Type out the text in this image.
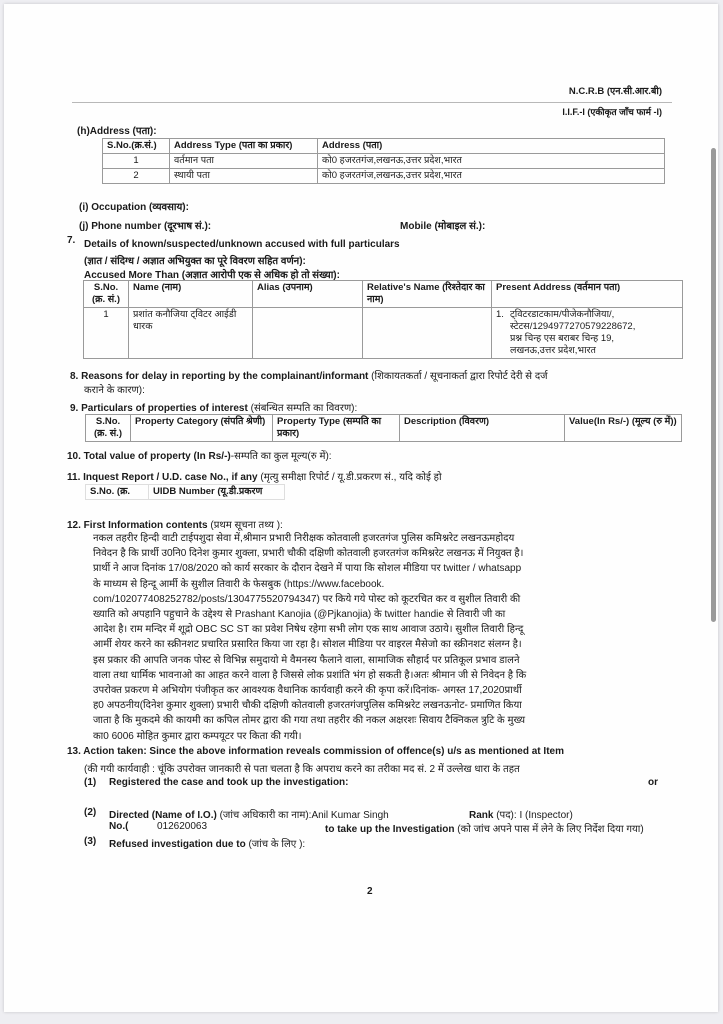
N.C.R.B (एन.सी.आर.बी)
I.I.F.-I (एकीकृत जाँच फार्म -I)
(h)Address (पता):
S.No.(क्र.सं.)	Address Type (पता का प्रकार)	Address (पता)
1	वर्तमान पता	को0 हजरतगंज,लखनऊ,उत्तर प्रदेश,भारत
2	स्थायी पता	को0 हजरतगंज,लखनऊ,उत्तर प्रदेश,भारत
(i) Occupation (व्यवसाय):
(j) Phone number (दूरभाष सं.):	Mobile (मोबाइल सं.):
7. Details of known/suspected/unknown accused with full particulars
(ज्ञात / संदिग्ध / अज्ञात अभियुक्त का पूरे विवरण सहित वर्णन):
Accused More Than (अज्ञात आरोपी एक से अधिक हो तो संख्या):
S.No.(क्र. सं.)	Name (नाम)	Alias (उपनाम)	Relative's Name (रिश्तेदार का नाम)	Present Address (वर्तमान पता)
1	प्रशांत कनौजिया ट्विटर आईडी धारक			1. ट्विटरडाटकाम/पीजेकनौजिया/,
स्टेटस/1294977270579228672,
प्रश्न चिन्ह एस बराबर चिन्ह 19,
लखनऊ,उत्तर प्रदेश,भारत
8. Reasons for delay in reporting by the complainant/informant (शिकायतकर्ता / सूचनाकर्ता द्वारा रिपोर्ट देरी से दर्ज
कराने के कारण):
9. Particulars of properties of interest (संबन्धित सम्पति का विवरण):
S.No. (क्र. सं.)	Property Category (संपति श्रेणी)	Property Type (सम्पति का प्रकार)	Description (विवरण)	Value(In Rs/-) (मूल्य (रु में))
10. Total value of property (In Rs/-)-सम्पति का कुल मूल्य(रु में):
11. Inquest Report / U.D. case No., if any (मृत्यु समीक्षा रिपोर्ट / यू.डी.प्रकरण सं., यदि कोई हो
S.No. (क्र.	UIDB Number (यू.डी.प्रकरण
12. First Information contents (प्रथम सूचना तथ्य ):
नकल तहरीर हिन्दी वाटी टाईपशुदा सेवा में,श्रीमान प्रभारी निरीक्षक कोतवाली हजरतगंज पुलिस कमिश्नरेट लखनऊमहोदय
निवेदन है कि प्रार्थी उ0नि0 दिनेश कुमार शुक्ला, प्रभारी चौकी दक्षिणी कोतवाली हजरतगंज कमिश्नरेट लखनऊ में नियुक्त है।
प्रार्थी ने आज दिनांक 17/08/2020 को कार्य सरकार के दौरान देखने में पाया कि सोशल मीडिया पर twitter / whatsapp
के माध्यम से हिन्दू आर्मी के सुशील तिवारी के फेसबुक (https://www.facebook.
com/102077408252782/posts/1304775520794347) पर किये गये पोस्ट को कूटरचित कर व सुशील तिवारी की
ख्याति को अपहानि पहुचाने के उद्देश्य से Prashant Kanojia (@Pjkanojia) के twitter handie से तिवारी जी का
आदेश है। राम मन्दिर में शूद्रो OBC SC ST का प्रवेश निषेध रहेगा सभी लोग एक साथ आवाज उठाये। सुशील तिवारी हिन्दू
आर्मी शेयर करने का स्क्रीनशट प्रचारित प्रसारित किया जा रहा है। सोशल मीडिया पर वाइरल मैसेजो का स्क्रीनशट संलग्न है।
इस प्रकार की आपति जनक पोस्ट से विभिन्न समुदायो मे वैमनस्य फैलाने वाला, सामाजिक सौहार्द पर प्रतिकूल प्रभाव डालने
वाला तथा धार्मिक भावनाओ का आहत करने वाला है जिससे लोक प्रशांति भंग हो सकती है।अतः श्रीमान जी से निवेदन है कि
उपरोक्त प्रकरण मे अभियोग पंजीकृत कर आवश्यक वैधानिक कार्यवाही करने की कृपा करें।दिनांक- अगस्त 17,2020प्रार्थी
ह0 अपठनीय(दिनेश कुमार शुक्ला) प्रभारी चौकी दक्षिणी कोतवाली हजरतगंजपुलिस कमिश्नरेट लखनऊनोट- प्रमाणित किया
जाता है कि मुकदमे की कायमी का कपिल तोमर द्वारा की गया तथा तहरीर की नकल अक्षरशः सिवाय टैक्निकल त्रुटि के मुख्य
का0 6006 मोहित कुमार द्वारा कम्पयूटर पर किता की गयी।
13. Action taken: Since the above information reveals commission of offence(s) u/s as mentioned at Item
(की गयी कार्यवाही : चूंकि उपरोक्त जानकारी से पता चलता है कि अपराध करने का तरीका मद सं. 2 में उल्लेख धारा के तहत
(1) Registered the case and took up the investigation:	or
(2) Directed (Name of I.O.) (जांच अधिकारी का नाम):Anil Kumar Singh	Rank (पद): I (Inspector)
No.(	012620063	to take up the Investigation (को जांच अपने पास में लेने के लिए निर्देश दिया गया)
(3) Refused investigation due to (जांच के लिए ):
2
